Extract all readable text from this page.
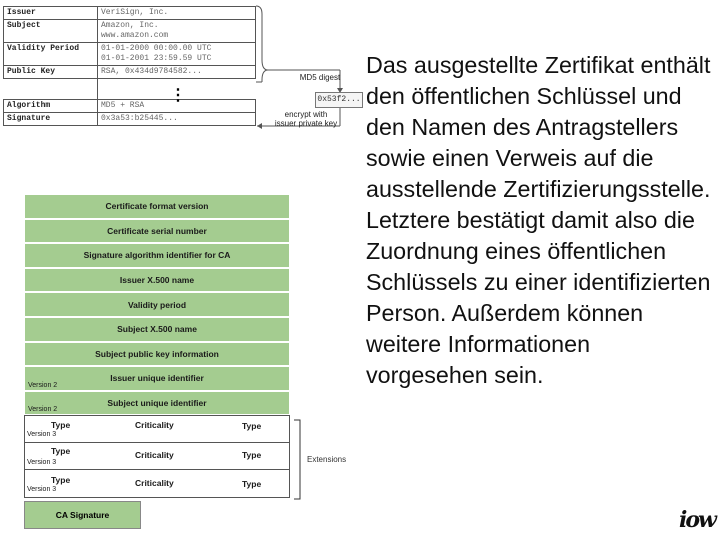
Issuer	VeriSign, Inc.
Subject	Amazon, Inc.
www.amazon.com
Validity Period	01-01-2000 00:00.00 UTC
01-01-2001 23:59.59 UTC
Public Key	RSA, 0x434d9784582...

Algorithm	MD5 + RSA
Signature	0x3a53:b25445...
⋮
MD5 digest
0x53f2...
encrypt with
issuer private key
Certificate format version
Certificate serial number
Signature algorithm identifier for CA
Issuer X.500 name
Validity period
Subject X.500 name
Subject public key information
Version 2
Issuer unique identifier
Version 2
Subject unique identifier
Type	Criticality	Type
Version 3
Type	Criticality	Type
Version 3
Type	Criticality	Type
Version 3
Extensions
CA Signature
Das ausgestellte Zertifikat enthält den öffentlichen Schlüssel und den Namen des Antragstellers sowie einen Verweis auf die ausstellende Zertifizierungsstelle. Letztere bestätigt damit also die Zuordnung eines öffentlichen Schlüssels zu einer identifizierten Person. Außerdem können weitere Informationen vorgesehen sein.
iow
